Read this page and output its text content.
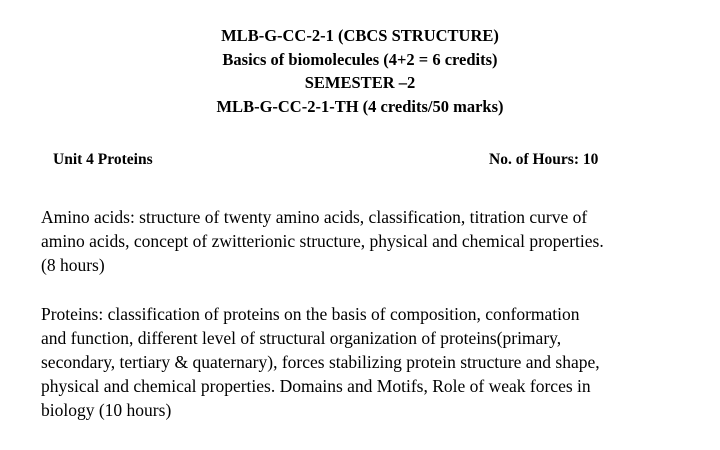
MLB-G-CC-2-1 (CBCS STRUCTURE)
Basics of biomolecules (4+2 = 6 credits)
SEMESTER –2
MLB-G-CC-2-1-TH (4 credits/50 marks)
Unit 4 Proteins	No. of Hours: 10

Amino acids: structure of twenty amino acids, classification, titration curve of
amino acids, concept of zwitterionic structure, physical and chemical properties.
(8 hours)

Proteins: classification of proteins on the basis of composition, conformation
and function, different level of structural organization of proteins(primary,
secondary, tertiary & quaternary), forces stabilizing protein structure and shape,
physical and chemical properties. Domains and Motifs, Role of weak forces in
biology (10 hours)
